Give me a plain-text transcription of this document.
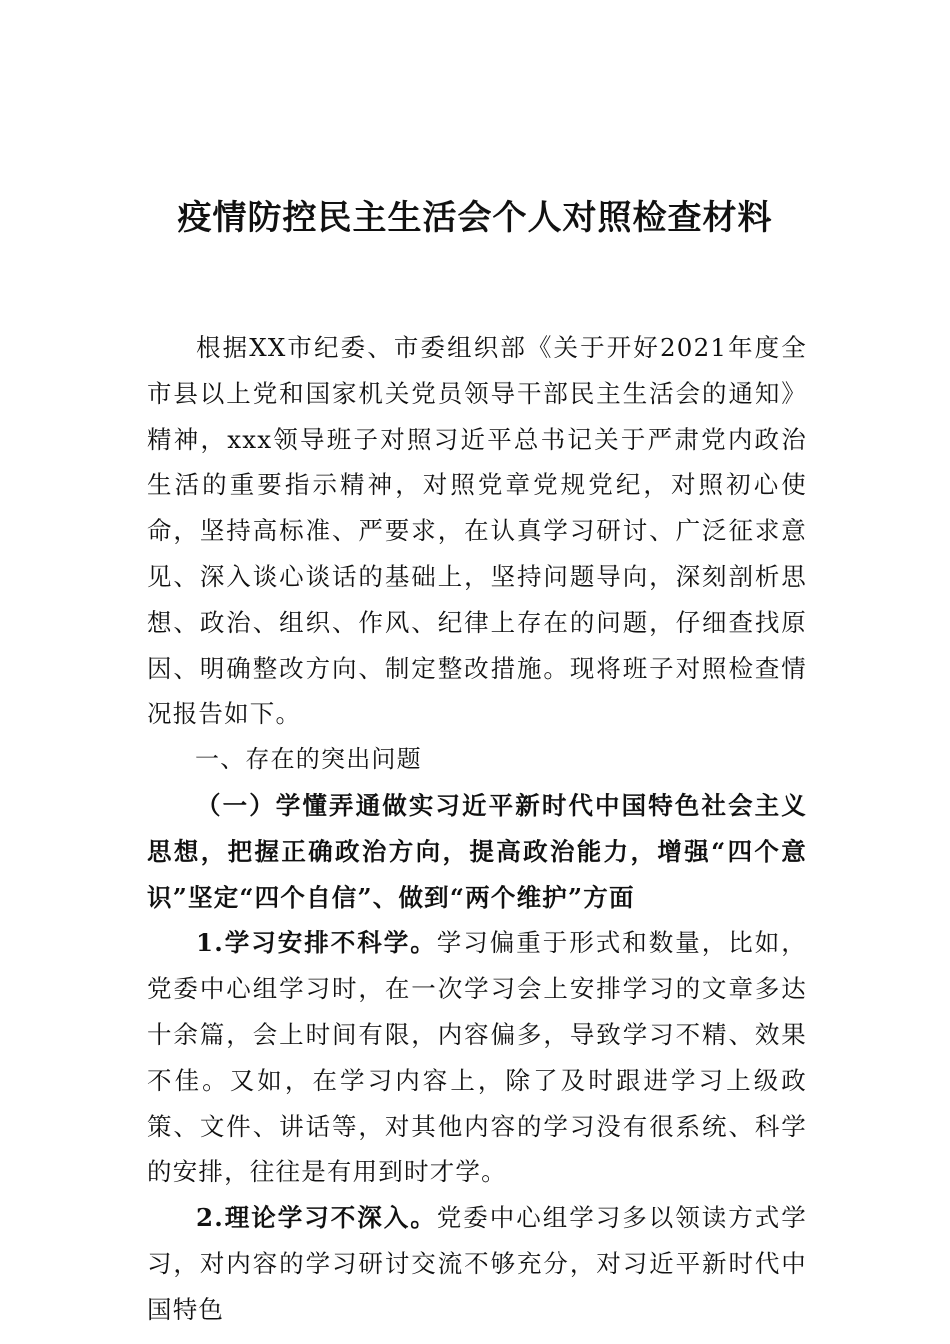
疫情防控民主生活会个人对照检查材料

根据XX市纪委、市委组织部《关于开好2021年度全市县以上党和国家机关党员领导干部民主生活会的通知》精神，xxx领导班子对照习近平总书记关于严肃党内政治生活的重要指示精神，对照党章党规党纪，对照初心使命，坚持高标准、严要求，在认真学习研讨、广泛征求意见、深入谈心谈话的基础上，坚持问题导向，深刻剖析思想、政治、组织、作风、纪律上存在的问题，仔细查找原因、明确整改方向、制定整改措施。现将班子对照检查情况报告如下。

一、存在的突出问题

（一）学懂弄通做实习近平新时代中国特色社会主义思想，把握正确政治方向，提高政治能力，增强“四个意识”坚定“四个自信”、做到“两个维护”方面

1.学习安排不科学。学习偏重于形式和数量，比如，党委中心组学习时，在一次学习会上安排学习的文章多达十余篇，会上时间有限，内容偏多，导致学习不精、效果不佳。又如，在学习内容上，除了及时跟进学习上级政策、文件、讲话等，对其他内容的学习没有很系统、科学的安排，往往是有用到时才学。

2.理论学习不深入。党委中心组学习多以领读方式学习，对内容的学习研讨交流不够充分，对习近平新时代中国特色
